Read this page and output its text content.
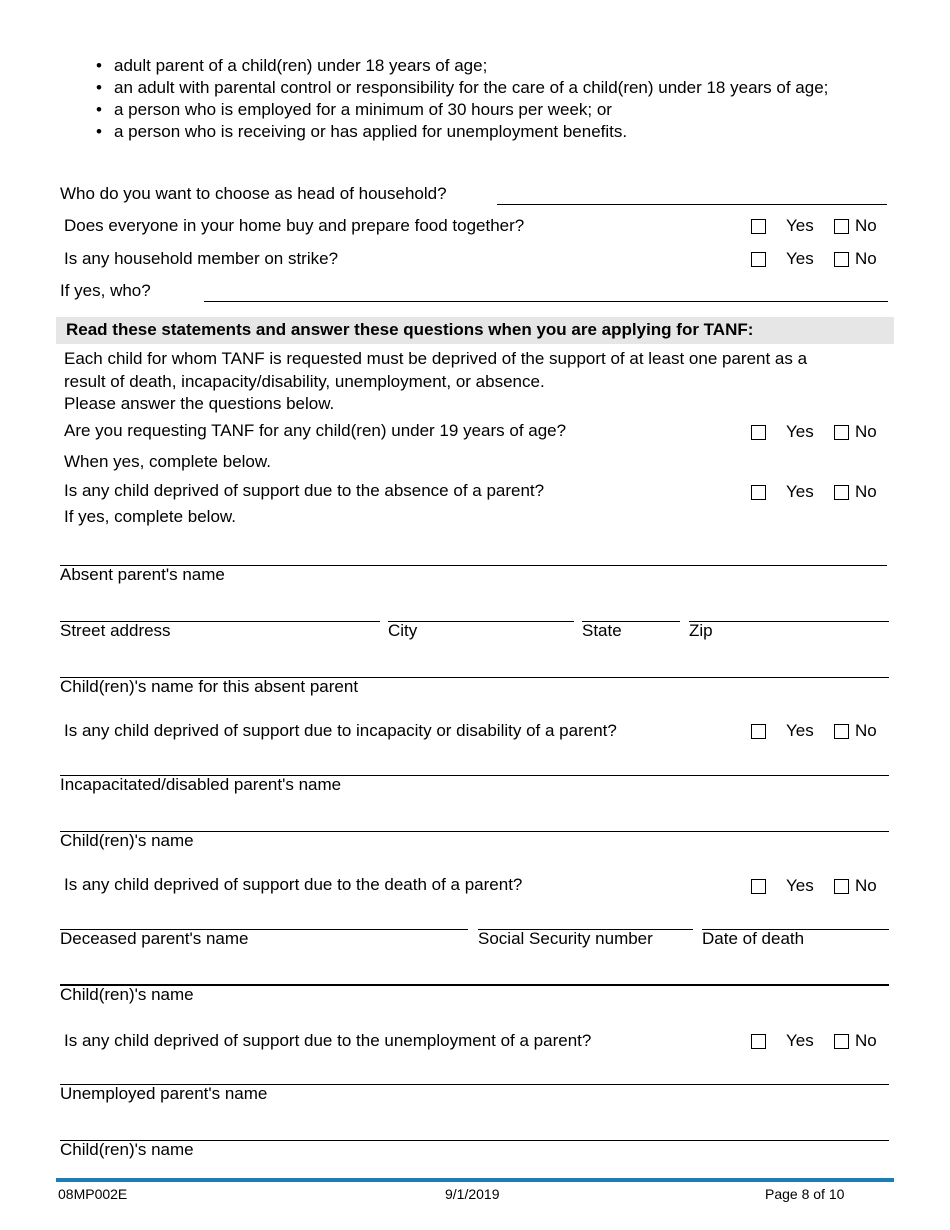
• adult parent of a child(ren) under 18 years of age;
• an adult with parental control or responsibility for the care of a child(ren) under 18 years of age;
• a person who is employed for a minimum of 30 hours per week; or
• a person who is receiving or has applied for unemployment benefits.
Who do you want to choose as head of household?
Does everyone in your home buy and prepare food together?	Yes No
Is any household member on strike?	Yes No
If yes, who?
Read these statements and answer these questions when you are applying for TANF:
Each child for whom TANF is requested must be deprived of the support of at least one parent as a
result of death, incapacity/disability, unemployment, or absence.
Please answer the questions below.
Are you requesting TANF for any child(ren) under 19 years of age?	Yes No
When yes, complete below.
Is any child deprived of support due to the absence of a parent?	Yes No
If yes, complete below.
Absent parent's name
Street address	City	State	Zip
Child(ren)'s name for this absent parent
Is any child deprived of support due to incapacity or disability of a parent?	Yes No
Incapacitated/disabled parent's name
Child(ren)'s name
Is any child deprived of support due to the death of a parent?	Yes No
Deceased parent's name	Social Security number	Date of death
Child(ren)'s name
Is any child deprived of support due to the unemployment of a parent?	Yes No
Unemployed parent's name
Child(ren)'s name
08MP002E	9/1/2019	Page 8 of 10
